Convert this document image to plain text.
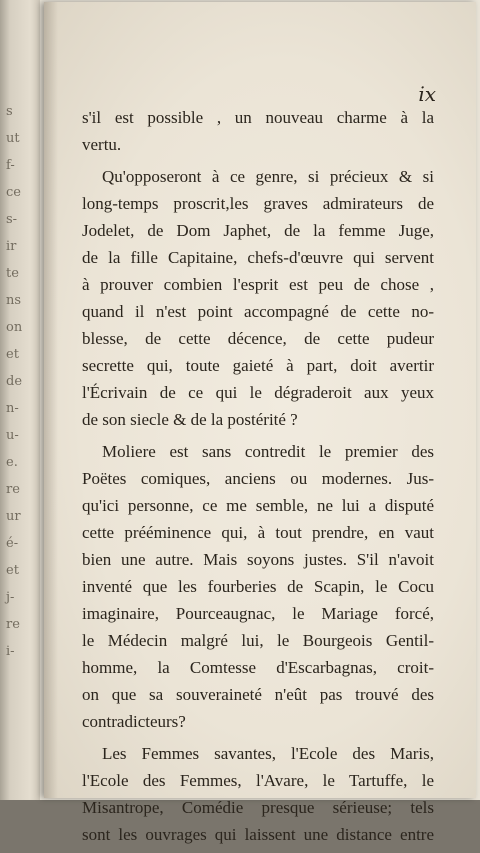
s
ut
f-
ce
s-
ir
te
ns
on
et
de
n-
u-
e.
re
ur
é-
et
j-
re
i-
ix

s'il est possible , un nouveau charme à la
vertu.

Qu'opposeront à ce genre, si précieux & si
long-temps proscrit,les graves admirateurs de
Jodelet, de Dom Japhet, de la femme Juge,
de la fille Capitaine, chefs-d'œuvre qui servent
à prouver combien l'esprit est peu de chose ,
quand il n'est point accompagné de cette no-
blesse, de cette décence, de cette pudeur
secrette qui, toute gaieté à part, doit avertir
l'Écrivain de ce qui le dégraderoit aux yeux
de son siecle & de la postérité ?

Moliere est sans contredit le premier des
Poëtes comiques, anciens ou modernes. Jus-
qu'ici personne, ce me semble, ne lui a disputé
cette prééminence qui, à tout prendre, en vaut
bien une autre. Mais soyons justes. S'il n'avoit
inventé que les fourberies de Scapin, le Cocu
imaginaire, Pourceaugnac, le Mariage forcé,
le Médecin malgré lui, le Bourgeois Gentil-
homme, la Comtesse d'Escarbagnas, croit-
on que sa souveraineté n'eût pas trouvé des
contradicteurs?

Les Femmes savantes, l'Ecole des Maris,
l'Ecole des Femmes, l'Avare, le Tartuffe, le
Misantrope, Comédie presque sérieuse; tels
sont les ouvrages qui laissent une distance entre
